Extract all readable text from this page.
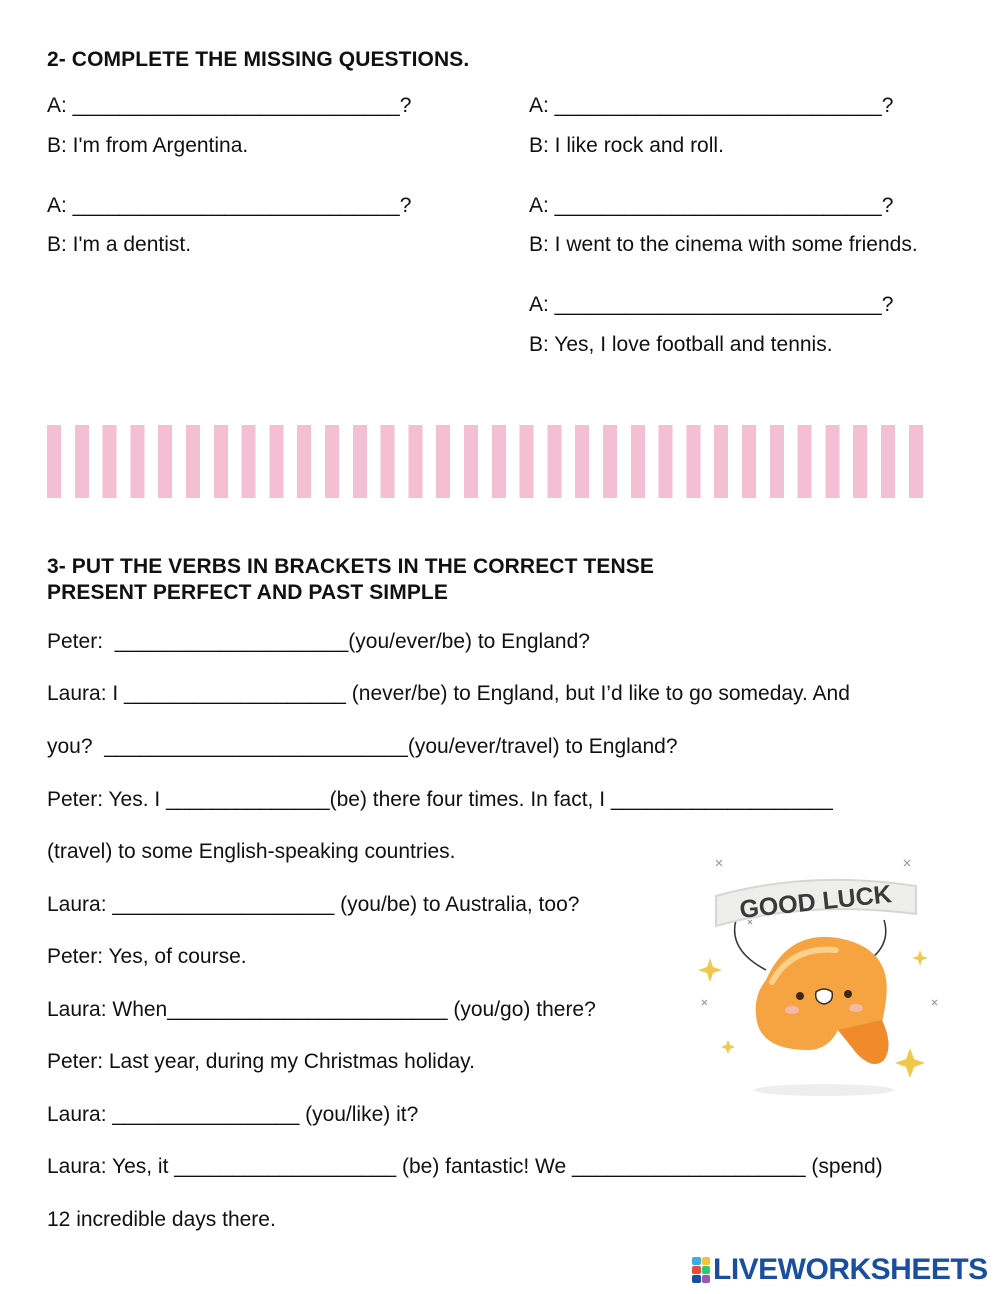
2- COMPLETE THE MISSING QUESTIONS.
A: ____________________________?
B: I'm from Argentina.
A: ____________________________?
B: I'm a dentist.
A: ____________________________?
B: I like rock and roll.
A: ____________________________?
B: I went to the cinema with some friends.
A: ____________________________?
B: Yes, I love football and tennis.
3- PUT THE VERBS IN BRACKETS IN THE CORRECT TENSE
PRESENT PERFECT AND PAST SIMPLE
Peter:  ____________________(you/ever/be) to England?
Laura: I ___________________ (never/be) to England, but I’d like to go someday. And
you?  __________________________(you/ever/travel) to England?
Peter: Yes. I ______________(be) there four times. In fact, I ___________________
(travel) to some English-speaking countries.
Laura: ___________________ (you/be) to Australia, too?
Peter: Yes, of course.
Laura: When________________________ (you/go) there?
Peter: Last year, during my Christmas holiday.
Laura: ________________ (you/like) it?
Laura: Yes, it ___________________ (be) fantastic! We ____________________ (spend)
12 incredible days there.
GOOD LUCK
LIVEWORKSHEETS
